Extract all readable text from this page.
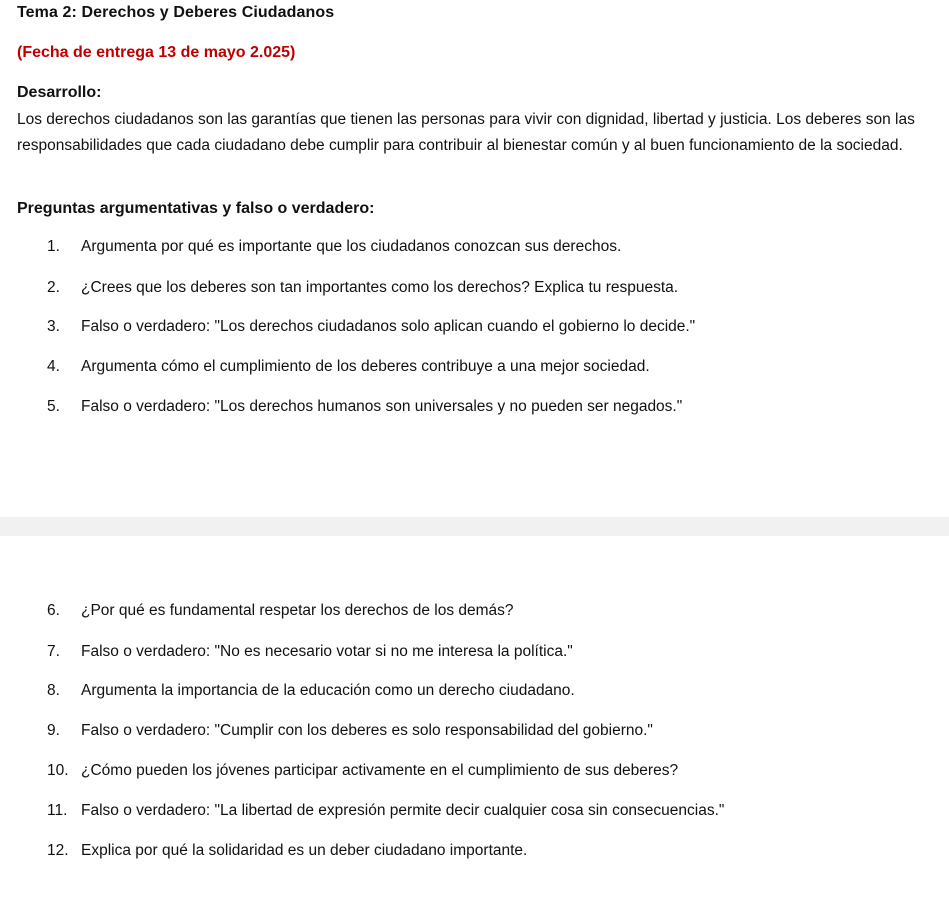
Tema 2: Derechos y Deberes Ciudadanos
(Fecha de entrega 13 de mayo 2.025)
Desarrollo:

Los derechos ciudadanos son las garantías que tienen las personas para vivir con dignidad, libertad y justicia. Los deberes son las responsabilidades que cada ciudadano debe cumplir para contribuir al bienestar común y al buen funcionamiento de la sociedad.

Preguntas argumentativas y falso o verdadero:
1. Argumenta por qué es importante que los ciudadanos conozcan sus derechos.
2. ¿Crees que los deberes son tan importantes como los derechos? Explica tu respuesta.
3. Falso o verdadero: "Los derechos ciudadanos solo aplican cuando el gobierno lo decide."
4. Argumenta cómo el cumplimiento de los deberes contribuye a una mejor sociedad.
5. Falso o verdadero: "Los derechos humanos son universales y no pueden ser negados."
6. ¿Por qué es fundamental respetar los derechos de los demás?
7. Falso o verdadero: "No es necesario votar si no me interesa la política."
8. Argumenta la importancia de la educación como un derecho ciudadano.
9. Falso o verdadero: "Cumplir con los deberes es solo responsabilidad del gobierno."
10. ¿Cómo pueden los jóvenes participar activamente en el cumplimiento de sus deberes?
11. Falso o verdadero: "La libertad de expresión permite decir cualquier cosa sin consecuencias."
12. Explica por qué la solidaridad es un deber ciudadano importante.
